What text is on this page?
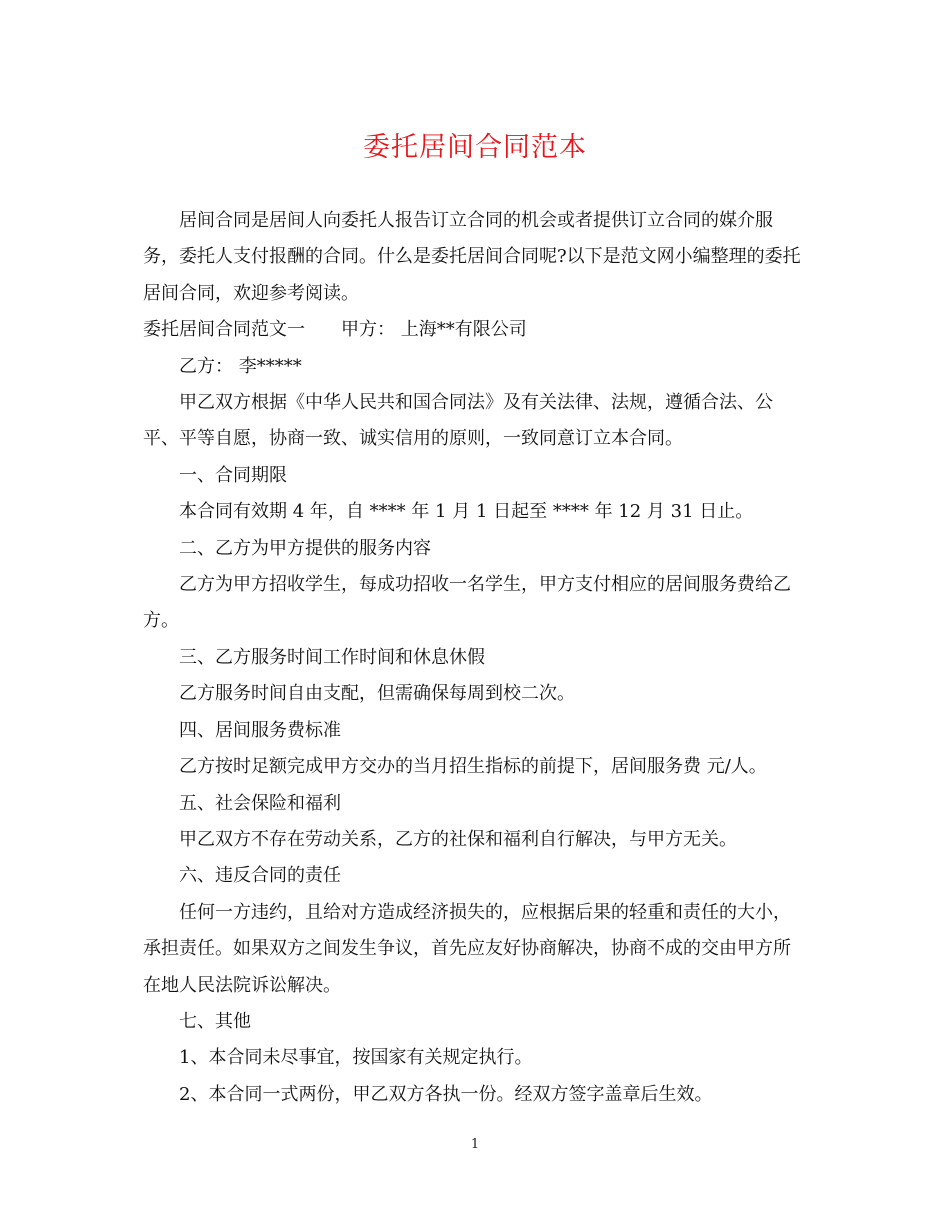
委托居间合同范本

居间合同是居间人向委托人报告订立合同的机会或者提供订立合同的媒介服务，委托人支付报酬的合同。什么是委托居间合同呢?以下是范文网小编整理的委托居间合同，欢迎参考阅读。

委托居间合同范文一 甲方： 上海**有限公司

乙方： 李*****

甲乙双方根据《中华人民共和国合同法》及有关法律、法规，遵循合法、公平、平等自愿，协商一致、诚实信用的原则，一致同意订立本合同。

一、合同期限

本合同有效期 4 年，自 **** 年 1 月 1 日起至 **** 年 12 月 31 日止。

二、乙方为甲方提供的服务内容

乙方为甲方招收学生，每成功招收一名学生，甲方支付相应的居间服务费给乙方。

三、乙方服务时间工作时间和休息休假

乙方服务时间自由支配，但需确保每周到校二次。

四、居间服务费标准

乙方按时足额完成甲方交办的当月招生指标的前提下，居间服务费 元/人。

五、社会保险和福利

甲乙双方不存在劳动关系，乙方的社保和福利自行解决，与甲方无关。

六、违反合同的责任

任何一方违约，且给对方造成经济损失的，应根据后果的轻重和责任的大小，承担责任。如果双方之间发生争议，首先应友好协商解决，协商不成的交由甲方所在地人民法院诉讼解决。

七、其他

1、本合同未尽事宜，按国家有关规定执行。

2、本合同一式两份，甲乙双方各执一份。经双方签字盖章后生效。

1
